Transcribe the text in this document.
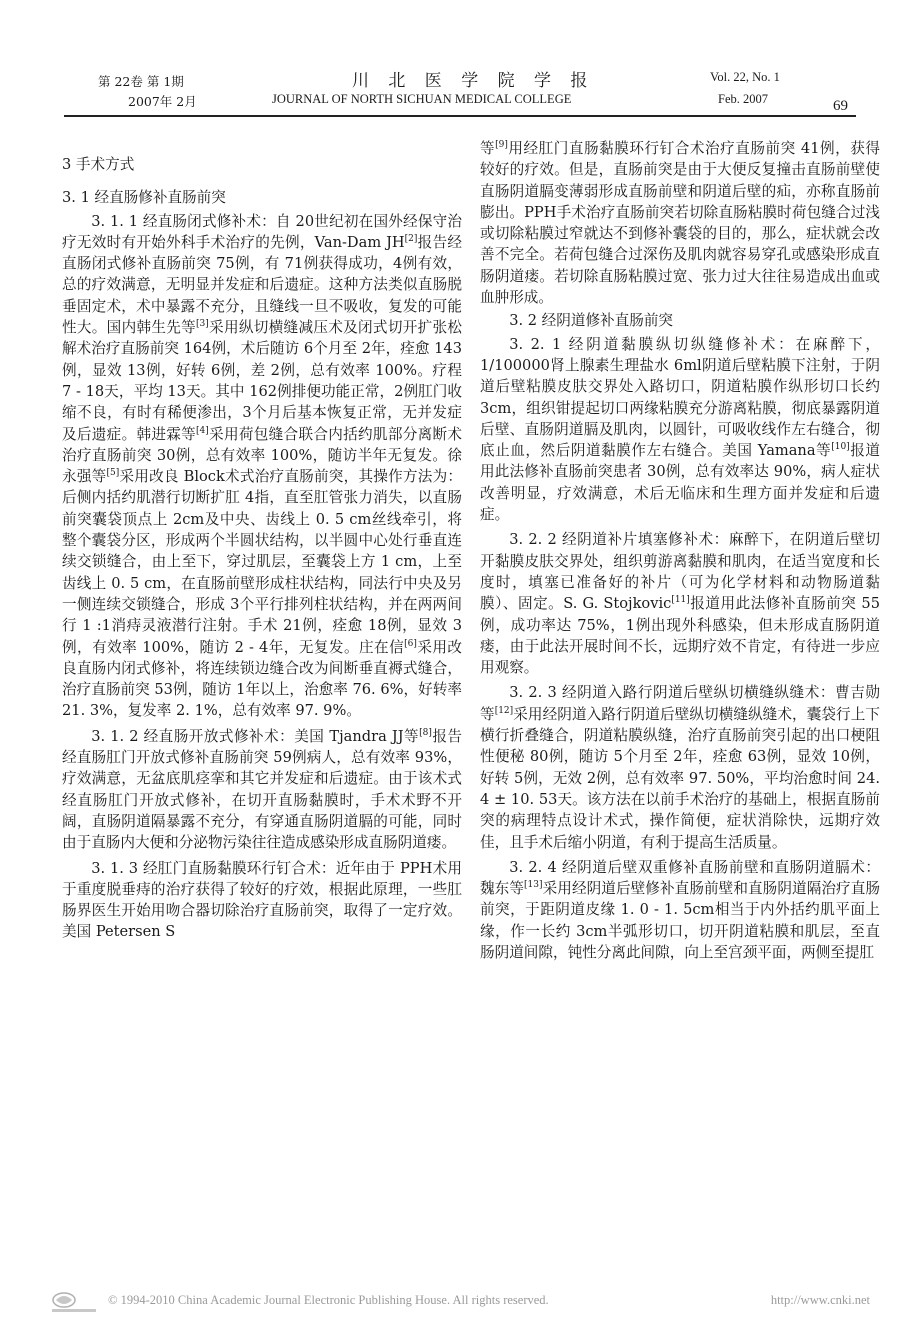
第 22卷 第 1期
2007年 2月
川 北 医 学 院 学 报
JOURNAL OF NORTH SICHUAN MEDICAL COLLEGE
Vol. 22, No. 1
Feb. 2007	69
3 手术方式
3. 1 经直肠修补直肠前突

3. 1. 1 经直肠闭式修补术：自 20世纪初在国外经保守治疗无效时有开始外科手术治疗的先例，Van-Dam JH[2]报告经直肠闭式修补直肠前突 75例，有 71例获得成功，4例有效，总的疗效满意，无明显并发症和后遗症。这种方法类似直肠脱垂固定术，术中暴露不充分，且缝线一旦不吸收，复发的可能性大。国内韩生先等[3]采用纵切横缝减压术及闭式切开扩张松解术治疗直肠前突 164例，术后随访 6个月至 2年，痊愈 143例，显效 13例，好转 6例，差 2例，总有效率 100%。疗程 7 - 18天，平均 13天。其中 162例排便功能正常，2例肛门收缩不良，有时有稀便渗出，3个月后基本恢复正常，无并发症及后遗症。韩进霖等[4]采用荷包缝合联合内括约肌部分离断术治疗直肠前突 30例，总有效率 100%，随访半年无复发。徐永强等[5]采用改良 Block术式治疗直肠前突，其操作方法为：后侧内括约肌潜行切断扩肛 4指，直至肛管张力消失，以直肠前突囊袋顶点上 2cm及中央、齿线上 0. 5 cm丝线牵引，将整个囊袋分区，形成两个半圆状结构，以半圆中心处行垂直连续交锁缝合，由上至下，穿过肌层，至囊袋上方 1 cm，上至齿线上 0. 5 cm，在直肠前壁形成柱状结构，同法行中央及另一侧连续交锁缝合，形成 3个平行排列柱状结构，并在两两间行 1 :1消痔灵液潜行注射。手术 21例，痊愈 18例，显效 3例，有效率 100%，随访 2 - 4年，无复发。庄在信[6]采用改良直肠内闭式修补，将连续锁边缝合改为间断垂直褥式缝合，治疗直肠前突 53例，随访 1年以上，治愈率 76. 6%，好转率 21. 3%，复发率 2. 1%，总有效率 97. 9%。

3. 1. 2 经直肠开放式修补术：美国 Tjandra JJ等[8]报告经直肠肛门开放式修补直肠前突 59例病人，总有效率 93%，疗效满意，无盆底肌痉挛和其它并发症和后遗症。由于该术式经直肠肛门开放式修补，在切开直肠黏膜时，手术术野不开阔，直肠阴道隔暴露不充分，有穿通直肠阴道膈的可能，同时由于直肠内大便和分泌物污染往往造成感染形成直肠阴道瘘。

3. 1. 3 经肛门直肠黏膜环行钉合术：近年由于 PPH术用于重度脱垂痔的治疗获得了较好的疗效，根据此原理，一些肛肠界医生开始用吻合器切除治疗直肠前突，取得了一定疗效。美国 Petersen S

等[9]用经肛门直肠黏膜环行钉合术治疗直肠前突 41例，获得较好的疗效。但是，直肠前突是由于大便反复撞击直肠前壁使直肠阴道膈变薄弱形成直肠前壁和阴道后壁的疝，亦称直肠前膨出。PPH手术治疗直肠前突若切除直肠粘膜时荷包缝合过浅或切除粘膜过窄就达不到修补囊袋的目的，那么，症状就会改善不完全。若荷包缝合过深伤及肌肉就容易穿孔或感染形成直肠阴道瘘。若切除直肠粘膜过宽、张力过大往往易造成出血或血肿形成。

3. 2 经阴道修补直肠前突

3. 2. 1 经阴道黏膜纵切纵缝修补术：在麻醉下，1/100000肾上腺素生理盐水 6ml阴道后壁粘膜下注射，于阴道后壁粘膜皮肤交界处入路切口，阴道粘膜作纵形切口长约 3cm，组织钳提起切口两缘粘膜充分游离粘膜，彻底暴露阴道后壁、直肠阴道膈及肌肉，以圆针，可吸收线作左右缝合，彻底止血，然后阴道黏膜作左右缝合。美国 Yamana等[10]报道用此法修补直肠前突患者 30例，总有效率达 90%，病人症状改善明显，疗效满意，术后无临床和生理方面并发症和后遗症。

3. 2. 2 经阴道补片填塞修补术：麻醉下，在阴道后壁切开黏膜皮肤交界处，组织剪游离黏膜和肌肉，在适当宽度和长度时，填塞已准备好的补片（可为化学材料和动物肠道黏膜）、固定。S. G. Stojkovic[11]报道用此法修补直肠前突 55例，成功率达 75%，1例出现外科感染，但未形成直肠阴道瘘，由于此法开展时间不长，远期疗效不肯定，有待进一步应用观察。

3. 2. 3 经阴道入路行阴道后壁纵切横缝纵缝术：曹吉勋等[12]采用经阴道入路行阴道后壁纵切横缝纵缝术，囊袋行上下横行折叠缝合，阴道粘膜纵缝，治疗直肠前突引起的出口梗阻性便秘 80例，随访 5个月至 2年，痊愈 63例，显效 10例，好转 5例，无效 2例，总有效率 97. 50%，平均治愈时间 24. 4 ± 10. 53天。该方法在以前手术治疗的基础上，根据直肠前突的病理特点设计术式，操作简便，症状消除快，远期疗效佳，且手术后缩小阴道，有利于提高生活质量。

3. 2. 4 经阴道后壁双重修补直肠前壁和直肠阴道膈术：魏东等[13]采用经阴道后壁修补直肠前壁和直肠阴道隔治疗直肠前突，于距阴道皮缘 1. 0 - 1. 5cm相当于内外括约肌平面上缘，作一长约 3cm半弧形切口，切开阴道粘膜和肌层，至直肠阴道间隙，钝性分离此间隙，向上至宫颈平面，两侧至提肛

© 1994-2010 China Academic Journal Electronic Publishing House. All rights reserved.	http://www.cnki.net
